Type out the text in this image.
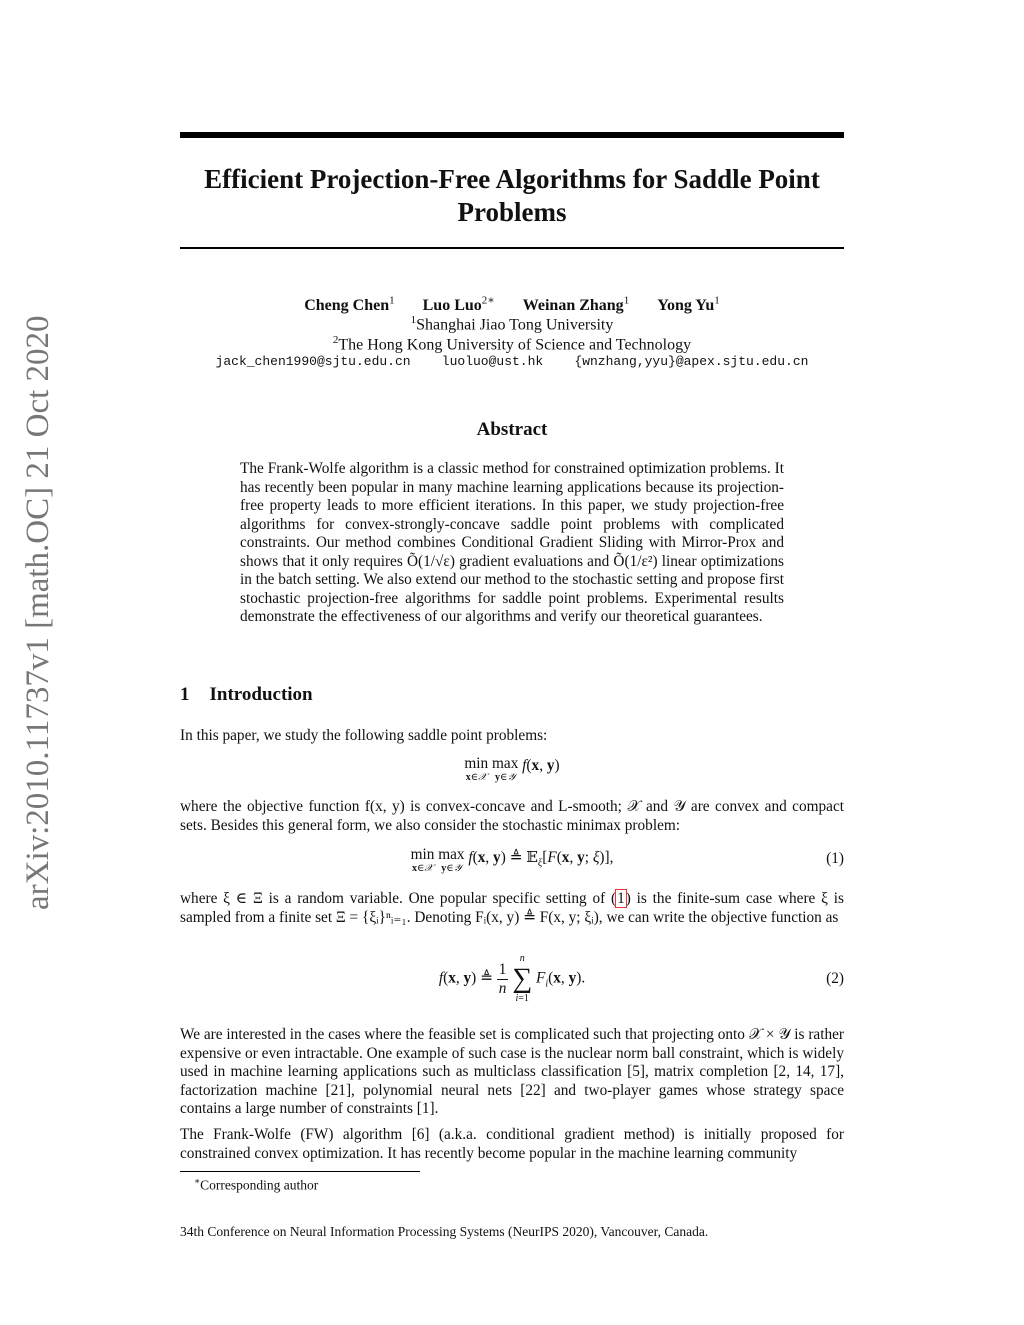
arXiv:2010.11737v1 [math.OC] 21 Oct 2020
Efficient Projection-Free Algorithms for Saddle Point Problems
Cheng Chen$^1$ Luo Luo$^{2∗}$ Weinan Zhang$^1$ Yong Yu$^1$
$^1$Shanghai Jiao Tong University
$^2$The Hong Kong University of Science and Technology
jack_chen1990@sjtu.edu.cn    luoluo@ust.hk    {wnzhang,yyu}@apex.sjtu.edu.cn
Abstract
The Frank-Wolfe algorithm is a classic method for constrained optimization problems. It has recently been popular in many machine learning applications because its projection-free property leads to more efficient iterations. In this paper, we study projection-free algorithms for convex-strongly-concave saddle point problems with complicated constraints. Our method combines Conditional Gradient Sliding with Mirror-Prox and shows that it only requires Õ(1/√ε) gradient evaluations and Õ(1/ε²) linear optimizations in the batch setting. We also extend our method to the stochastic setting and propose first stochastic projection-free algorithms for saddle point problems. Experimental results demonstrate the effectiveness of our algorithms and verify our theoretical guarantees.
1 Introduction
In this paper, we study the following saddle point problems:
min
x∈𝒳
max
y∈𝒴
f(x, y)
where the objective function f(x, y) is convex-concave and L-smooth; 𝒳 and 𝒴 are convex and compact sets. Besides this general form, we also consider the stochastic minimax problem:
min
x∈𝒳
max
y∈𝒴
f(x, y) ≜ 𝔼$_\xi$[F(x, y; ξ)],	(1)
where ξ ∈ Ξ is a random variable. One popular specific setting of (1) is the finite-sum case where ξ is sampled from a finite set Ξ = {ξᵢ}ⁿᵢ₌₁. Denoting Fᵢ(x, y) ≜ F(x, y; ξᵢ), we can write the objective function as
f(x, y) ≜ $\frac{1}{n}$

n
∑
i=1
$F_i(x$, y).	(2)
We are interested in the cases where the feasible set is complicated such that projecting onto 𝒳 × 𝒴 is rather expensive or even intractable. One example of such case is the nuclear norm ball constraint, which is widely used in machine learning applications such as multiclass classification [5], matrix completion [2, 14, 17], factorization machine [21], polynomial neural nets [22] and two-player games whose strategy space contains a large number of constraints [1].
The Frank-Wolfe (FW) algorithm [6] (a.k.a. conditional gradient method) is initially proposed for constrained convex optimization. It has recently become popular in the machine learning community
∗Corresponding author
34th Conference on Neural Information Processing Systems (NeurIPS 2020), Vancouver, Canada.
